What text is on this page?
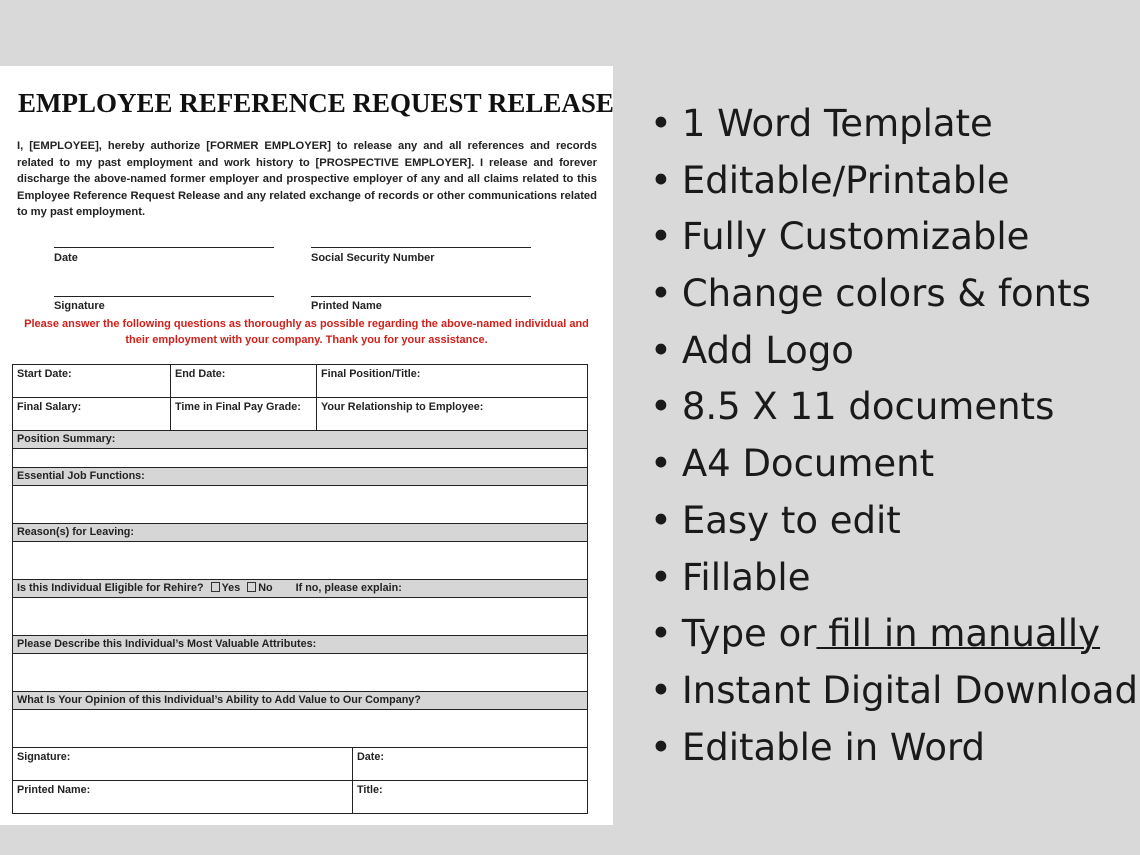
EMPLOYEE REFERENCE REQUEST RELEASE
I, [EMPLOYEE], hereby authorize [FORMER EMPLOYER] to release any and all references and records related to my past employment and work history to [PROSPECTIVE EMPLOYER]. I release and forever discharge the above-named former employer and prospective employer of any and all claims related to this Employee Reference Request Release and any related exchange of records or other communications related to my past employment.
Date	Social Security Number
Signature	Printed Name
Please answer the following questions as thoroughly as possible regarding the above-named individual and their employment with your company. Thank you for your assistance.
Start Date:	End Date:	Final Position/Title:	
Final Salary:	Time in Final Pay Grade:	Your Relationship to Employee:	
Position Summary:			

Essential Job Functions:			

Reason(s) for Leaving:			

Is this Individual Eligible for Rehire? Yes No If no, please explain:			

Please Describe this Individual’s Most Valuable Attributes:			

What Is Your Opinion of this Individual’s Ability to Add Value to Our Company?			

Signature:			Date:
Printed Name:			Title:
• 1 Word Template
• Editable/Printable
• Fully Customizable
• Change colors & fonts
• Add Logo
• 8.5 X 11 documents
• A4 Document
• Easy to edit
• Fillable
• Type or fill in manually
• Instant Digital Download
• Editable in Word
